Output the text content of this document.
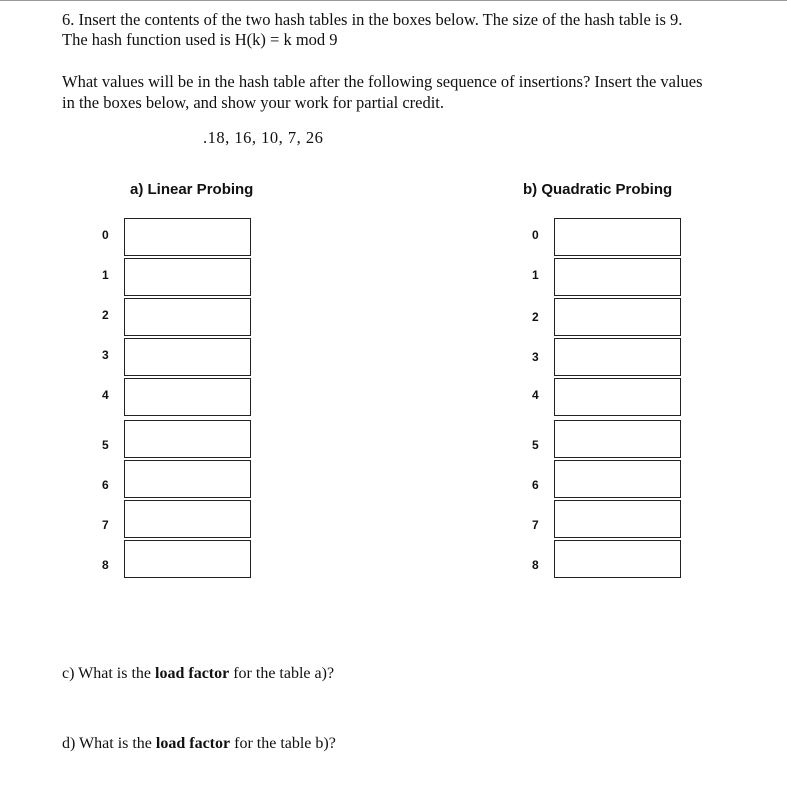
6. Insert the contents of the two hash tables in the boxes below. The size of the hash table is 9.
The hash function used is H(k) = k mod 9
What values will be in the hash table after the following sequence of insertions? Insert the values
in the boxes below, and show your work for partial credit.
.18, 16, 10, 7, 26
a) Linear Probing
0
1
2
3
4
5
6
7
8
b) Quadratic Probing
0
1
2
3
4
5
6
7
8
c) What is the load factor for the table a)?
d) What is the load factor for the table b)?
